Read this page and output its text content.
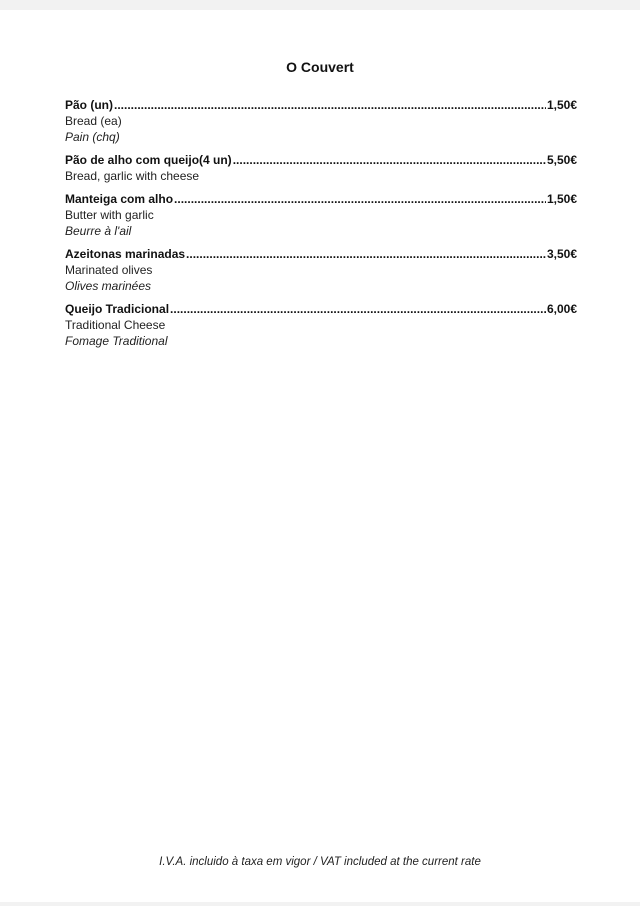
O Couvert
Pão (un) .....	1,50€
Bread (ea)
Pain (chq)
Pão de alho com queijo(4 un) .....	5,50€
Bread, garlic with cheese
Manteiga com alho .....	1,50€
Butter with garlic
Beurre à l'ail
Azeitonas marinadas .....	3,50€
Marinated olives
Olives marinées
Queijo Tradicional .....	6,00€
Traditional Cheese
Fomage Traditional
I.V.A. incluido à taxa em vigor / VAT included at the current rate
